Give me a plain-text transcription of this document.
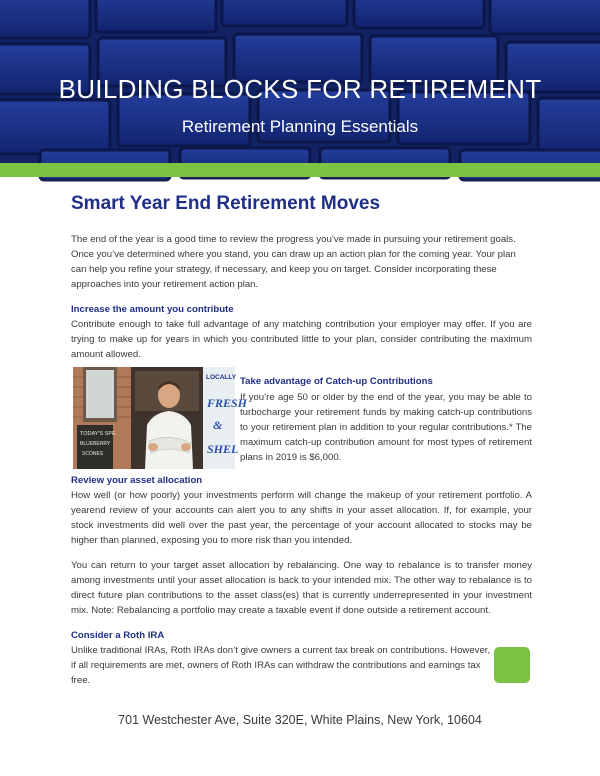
BUILDING BLOCKS FOR RETIREMENT
Retirement Planning Essentials
Smart Year End Retirement Moves

The end of the year is a good time to review the progress you’ve made in pursuing your retirement goals. Once you’ve determined where you stand, you can draw up an action plan for the coming year. Your plan can help you refine your strategy, if necessary, and keep you on target. Consider incorporating these approaches into your retirement action plan.

Increase the amount you contribute

Contribute enough to take full advantage of any matching contribution your employer may offer. If you are trying to make up for years in which you contributed little to your plan, consider contributing the maximum amount allowed.

TODAY'S SPE
BLUEBERRY
SCONES
LOCALLY
FRESH
&
SHEL
Take advantage of Catch-up Contributions

If you’re age 50 or older by the end of the year, you may be able to turbocharge your retirement funds by making catch-up contributions to your retirement plan in addition to your regular contributions.* The maximum catch-up contribution amount for most types of retirement plans in 2019 is $6,000.

Review your asset allocation

How well (or how poorly) your investments perform will change the makeup of your retirement portfolio. A yearend review of your accounts can alert you to any shifts in your asset allocation. If, for example, your stock investments did well over the past year, the percentage of your account allocated to stocks may be higher than planned, exposing you to more risk than you intended.

You can return to your target asset allocation by rebalancing. One way to rebalance is to transfer money among investments until your asset allocation is back to your intended mix. The other way to rebalance is to direct future plan contributions to the asset class(es) that is currently underrepresented in your investment mix. Note: Rebalancing a portfolio may create a taxable event if done outside a retirement account.

Consider a Roth IRA

Unlike traditional IRAs, Roth IRAs don’t give owners a current tax break on contributions. However, if all requirements are met, owners of Roth IRAs can withdraw the contributions and earnings tax free.

701 Westchester Ave, Suite 320E, White Plains, New York, 10604
